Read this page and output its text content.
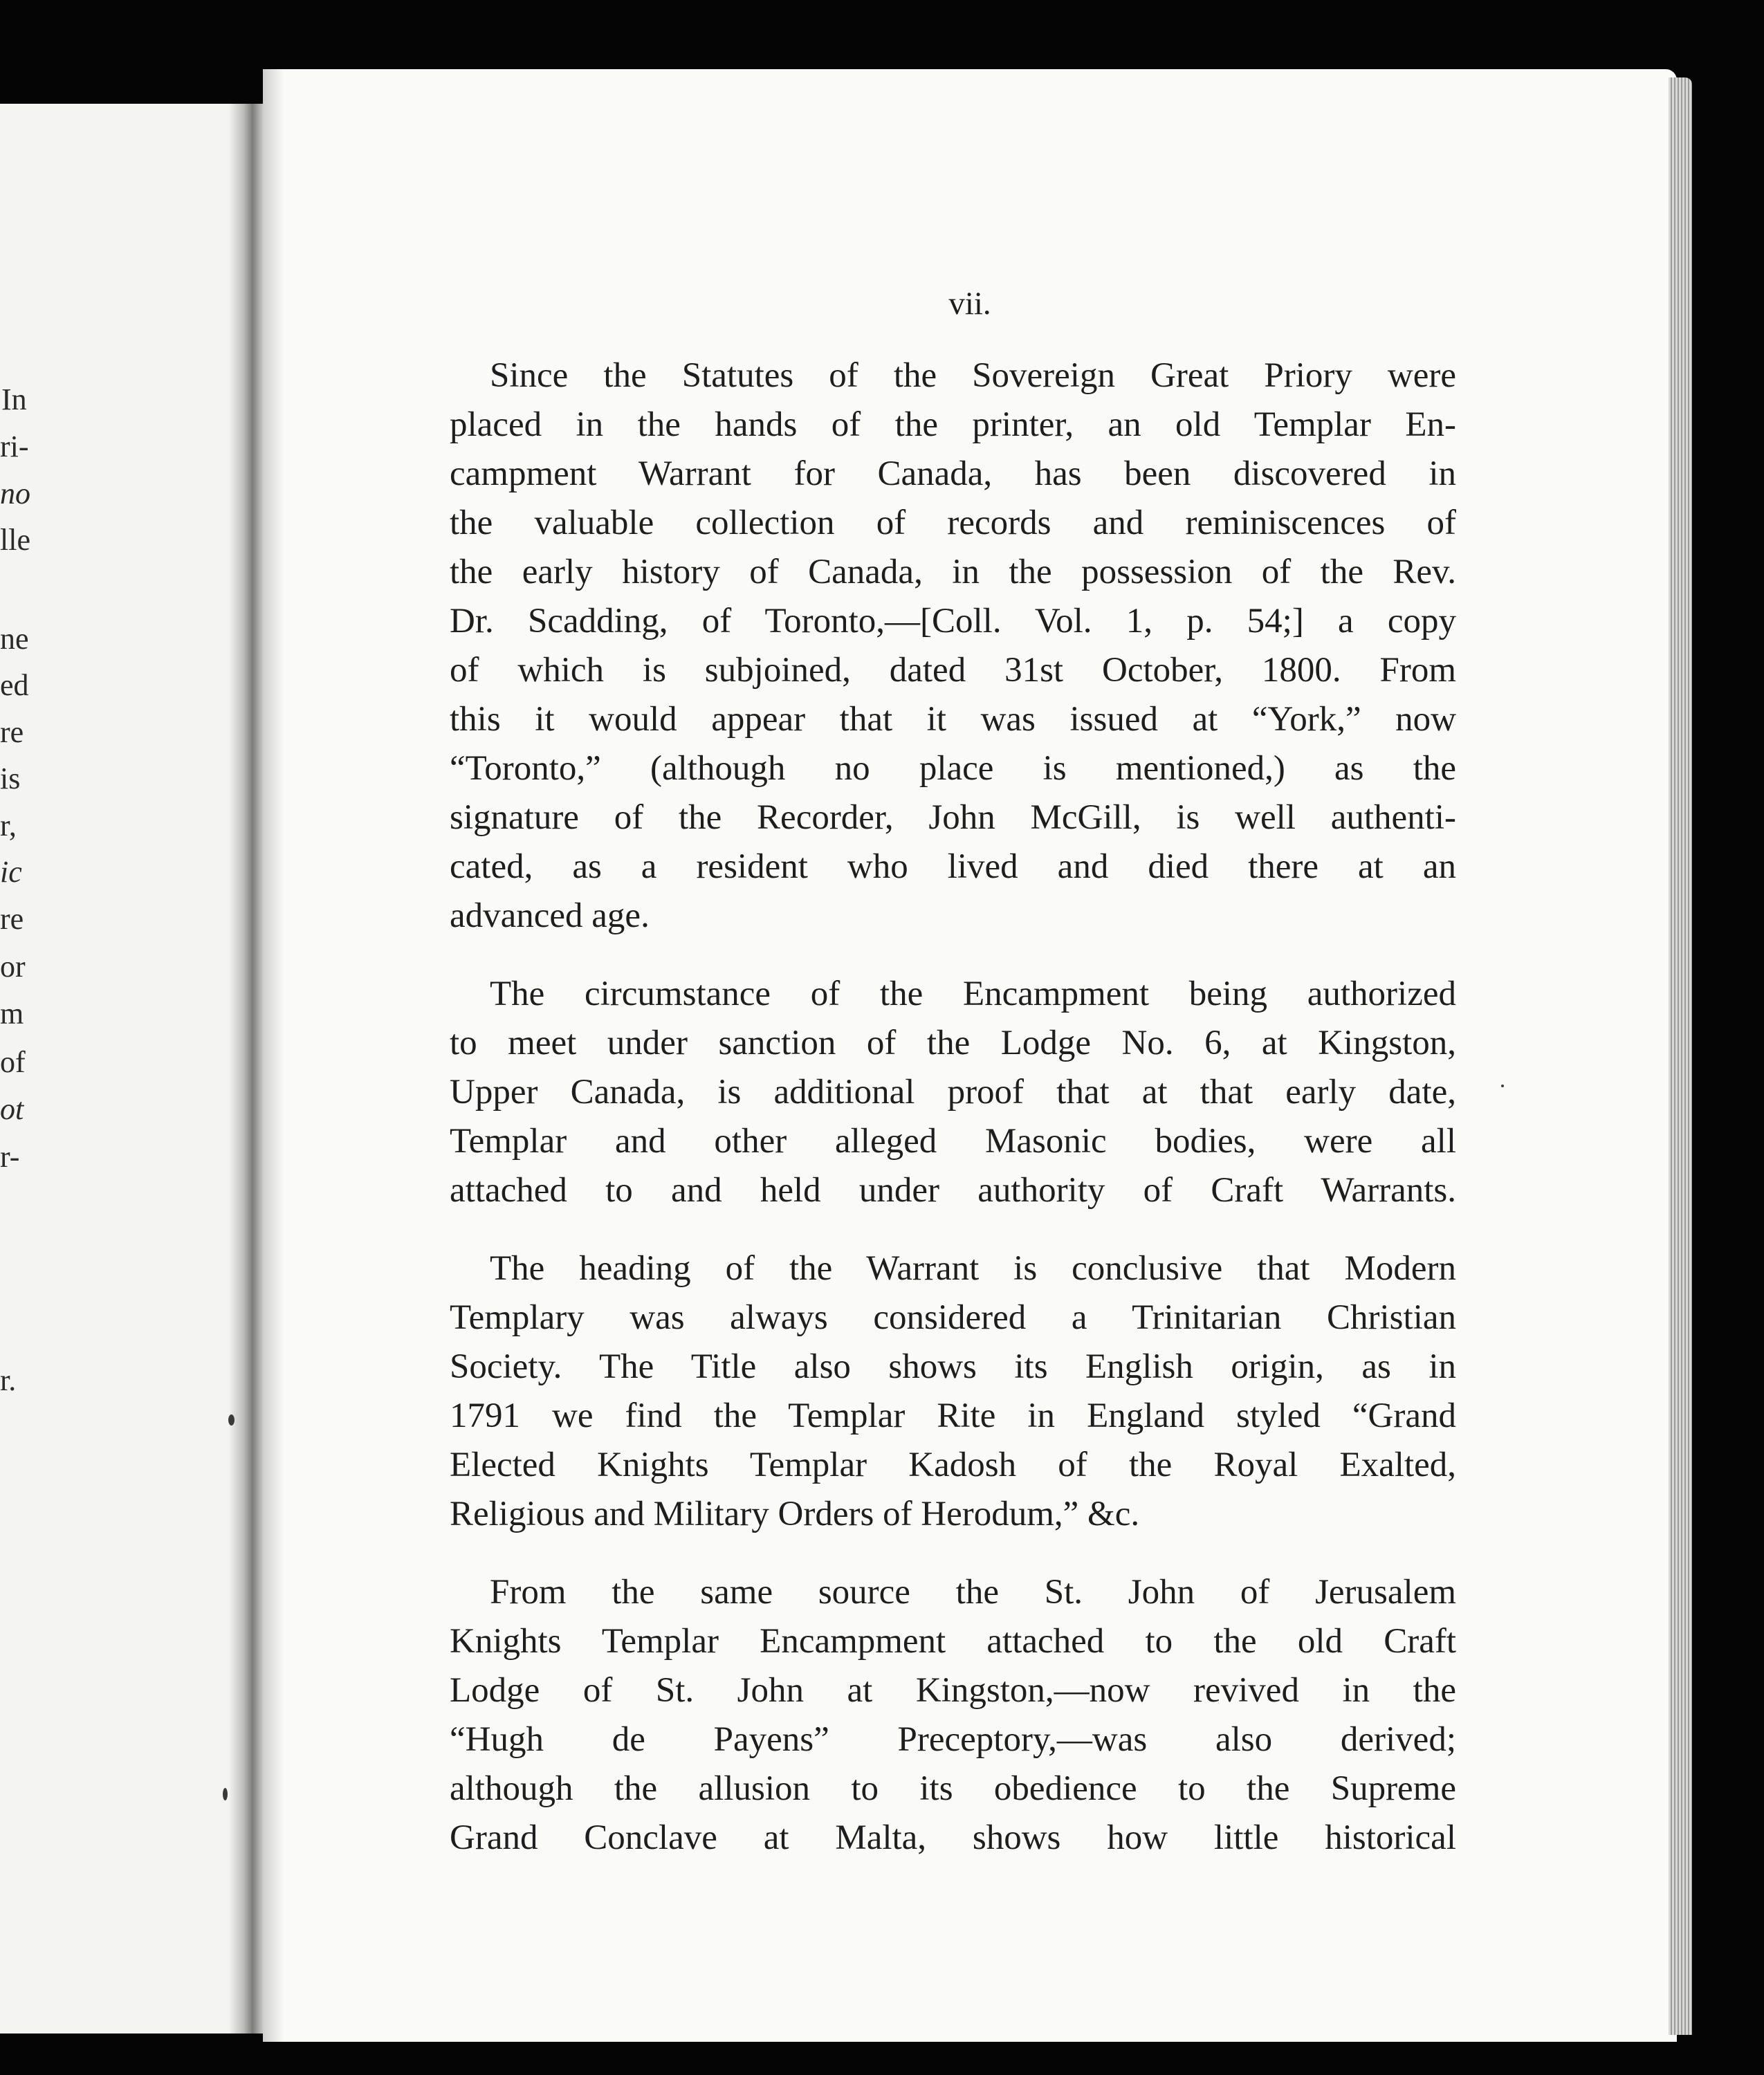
In
ri-
no
lle
ne
ed
re
is
r,
ic
re
or
m
of
ot
r-
r.

vii.

Since the Statutes of the Sovereign Great Priory were
placed in the hands of the printer, an old Templar En-
campment Warrant for Canada, has been discovered in
the valuable collection of records and reminiscences of
the early history of Canada, in the possession of the Rev.
Dr. Scadding, of Toronto,—[Coll. Vol. 1, p. 54;] a copy
of which is subjoined, dated 31st October, 1800. From
this it would appear that it was issued at “York,” now
“Toronto,” (although no place is mentioned,) as the
signature of the Recorder, John McGill, is well authenti-
cated, as a resident who lived and died there at an
advanced age.

The circumstance of the Encampment being authorized
to meet under sanction of the Lodge No. 6, at Kingston,
Upper Canada, is additional proof that at that early date,
Templar and other alleged Masonic bodies, were all
attached to and held under authority of Craft Warrants.

The heading of the Warrant is conclusive that Modern
Templary was always considered a Trinitarian Christian
Society. The Title also shows its English origin, as in
1791 we find the Templar Rite in England styled “Grand
Elected Knights Templar Kadosh of the Royal Exalted,
Religious and Military Orders of Herodum,” &c.

From the same source the St. John of Jerusalem
Knights Templar Encampment attached to the old Craft
Lodge of St. John at Kingston,—now revived in the
“Hugh de Payens” Preceptory,—was also derived;
although the allusion to its obedience to the Supreme
Grand Conclave at Malta, shows how little historical
